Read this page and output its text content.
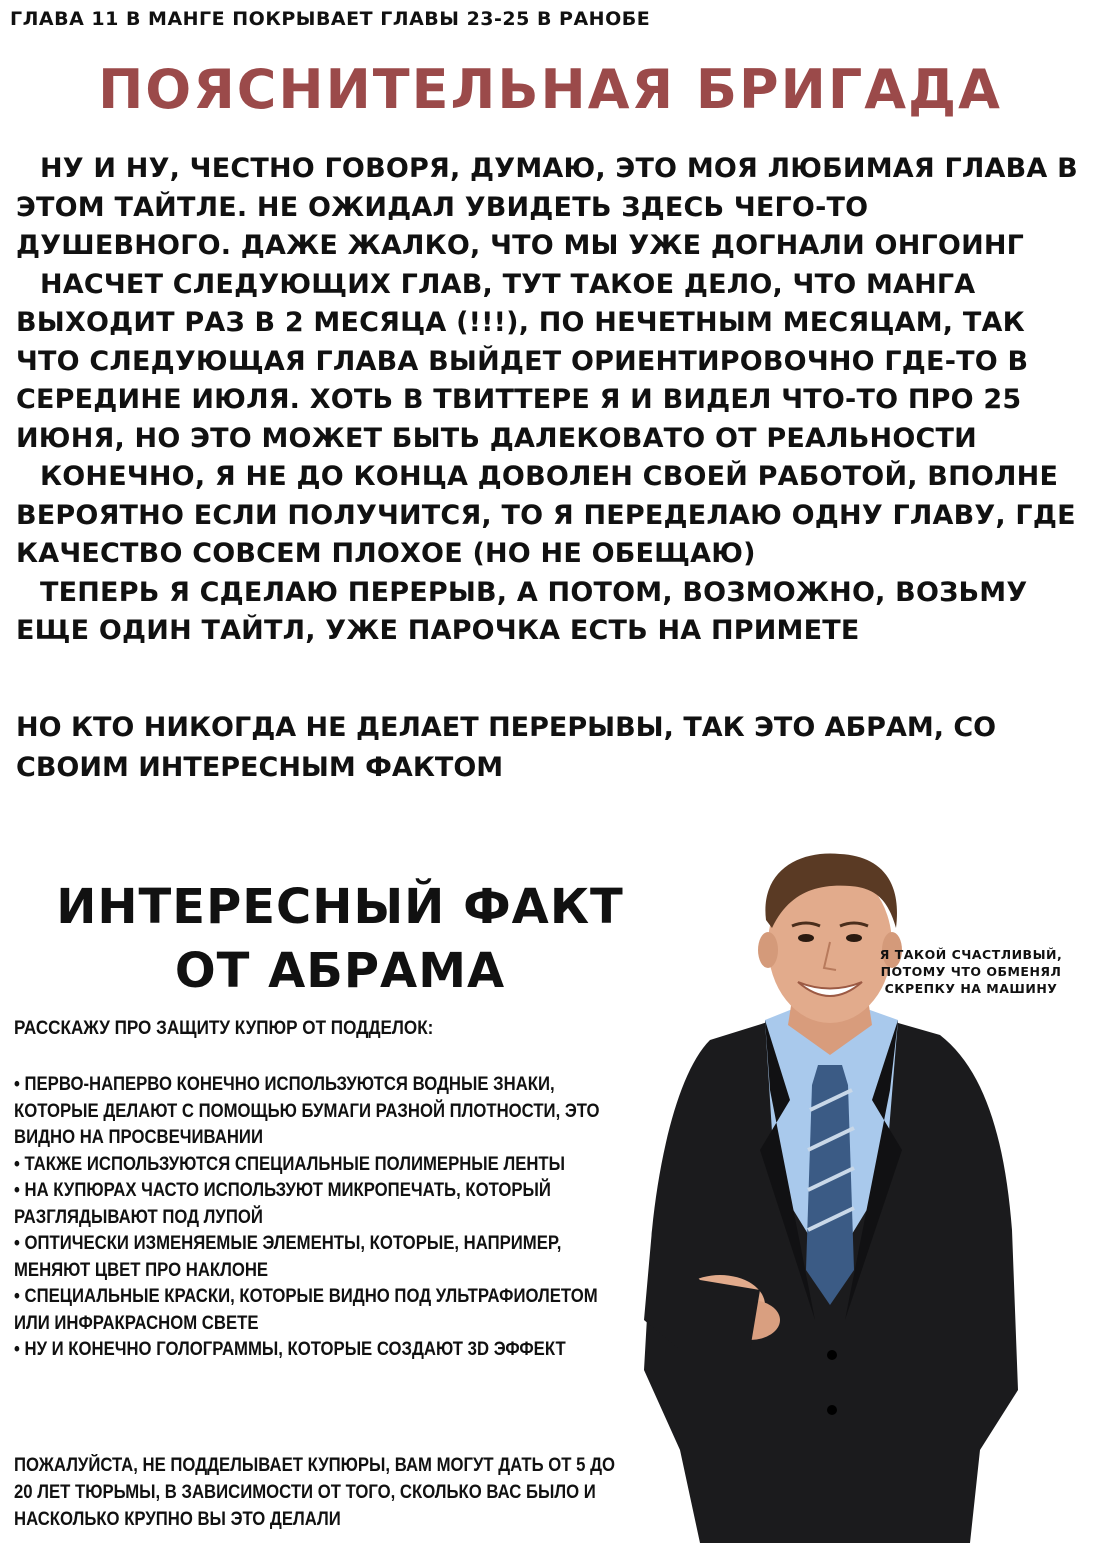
ГЛАВА 11 В МАНГЕ ПОКРЫВАЕТ ГЛАВЫ 23-25 В РАНОБЕ
ПОЯСНИТЕЛЬНАЯ БРИГАДА

НУ И НУ, ЧЕСТНО ГОВОРЯ, ДУМАЮ, ЭТО МОЯ ЛЮБИМАЯ ГЛАВА В ЭТОМ ТАЙТЛЕ. НЕ ОЖИДАЛ УВИДЕТЬ ЗДЕСЬ ЧЕГО-ТО ДУШЕВНОГО. ДАЖЕ ЖАЛКО, ЧТО МЫ УЖЕ ДОГНАЛИ ОНГОИНГ

НАСЧЕТ СЛЕДУЮЩИХ ГЛАВ, ТУТ ТАКОЕ ДЕЛО, ЧТО МАНГА ВЫХОДИТ РАЗ В 2 МЕСЯЦА (!!!), ПО НЕЧЕТНЫМ МЕСЯЦАМ, ТАК ЧТО СЛЕДУЮЩАЯ ГЛАВА ВЫЙДЕТ ОРИЕНТИРОВОЧНО ГДЕ-ТО В СЕРЕДИНЕ ИЮЛЯ. ХОТЬ В ТВИТТЕРЕ Я И ВИДЕЛ ЧТО-ТО ПРО 25 ИЮНЯ, НО ЭТО МОЖЕТ БЫТЬ ДАЛЕКОВАТО ОТ РЕАЛЬНОСТИ

КОНЕЧНО, Я НЕ ДО КОНЦА ДОВОЛЕН СВОЕЙ РАБОТОЙ, ВПОЛНЕ ВЕРОЯТНО ЕСЛИ ПОЛУЧИТСЯ, ТО Я ПЕРЕДЕЛАЮ ОДНУ ГЛАВУ, ГДЕ КАЧЕСТВО СОВСЕМ ПЛОХОЕ (НО НЕ ОБЕЩАЮ)

ТЕПЕРЬ Я СДЕЛАЮ ПЕРЕРЫВ, А ПОТОМ, ВОЗМОЖНО, ВОЗЬМУ ЕЩЕ ОДИН ТАЙТЛ, УЖЕ ПАРОЧКА ЕСТЬ НА ПРИМЕТЕ

НО КТО НИКОГДА НЕ ДЕЛАЕТ ПЕРЕРЫВЫ, ТАК ЭТО АБРАМ, СО СВОИМ ИНТЕРЕСНЫМ ФАКТОМ
ИНТЕРЕСНЫЙ ФАКТ
ОТ АБРАМА
РАССКАЖУ ПРО ЗАЩИТУ КУПЮР ОТ ПОДДЕЛОК:
• ПЕРВО-НАПЕРВО КОНЕЧНО ИСПОЛЬЗУЮТСЯ ВОДНЫЕ ЗНАКИ, КОТОРЫЕ ДЕЛАЮТ С ПОМОЩЬЮ БУМАГИ РАЗНОЙ ПЛОТНОСТИ, ЭТО ВИДНО НА ПРОСВЕЧИВАНИИ
• ТАКЖЕ ИСПОЛЬЗУЮТСЯ СПЕЦИАЛЬНЫЕ ПОЛИМЕРНЫЕ ЛЕНТЫ
• НА КУПЮРАХ ЧАСТО ИСПОЛЬЗУЮТ МИКРОПЕЧАТЬ, КОТОРЫЙ РАЗГЛЯДЫВАЮТ ПОД ЛУПОЙ
• ОПТИЧЕСКИ ИЗМЕНЯЕМЫЕ ЭЛЕМЕНТЫ, КОТОРЫЕ, НАПРИМЕР, МЕНЯЮТ ЦВЕТ ПРО НАКЛОНЕ
• СПЕЦИАЛЬНЫЕ КРАСКИ, КОТОРЫЕ ВИДНО ПОД УЛЬТРАФИОЛЕТОМ ИЛИ ИНФРАКРАСНОМ СВЕТЕ
• НУ И КОНЕЧНО ГОЛОГРАММЫ, КОТОРЫЕ СОЗДАЮТ 3D ЭФФЕКТ
ПОЖАЛУЙСТА, НЕ ПОДДЕЛЫВАЕТ КУПЮРЫ, ВАМ МОГУТ ДАТЬ ОТ 5 ДО 20 ЛЕТ ТЮРЬМЫ, В ЗАВИСИМОСТИ ОТ ТОГО, СКОЛЬКО ВАС БЫЛО И НАСКОЛЬКО КРУПНО ВЫ ЭТО ДЕЛАЛИ
Я ТАКОЙ СЧАСТЛИВЫЙ,
ПОТОМУ ЧТО ОБМЕНЯЛ
СКРЕПКУ НА МАШИНУ
